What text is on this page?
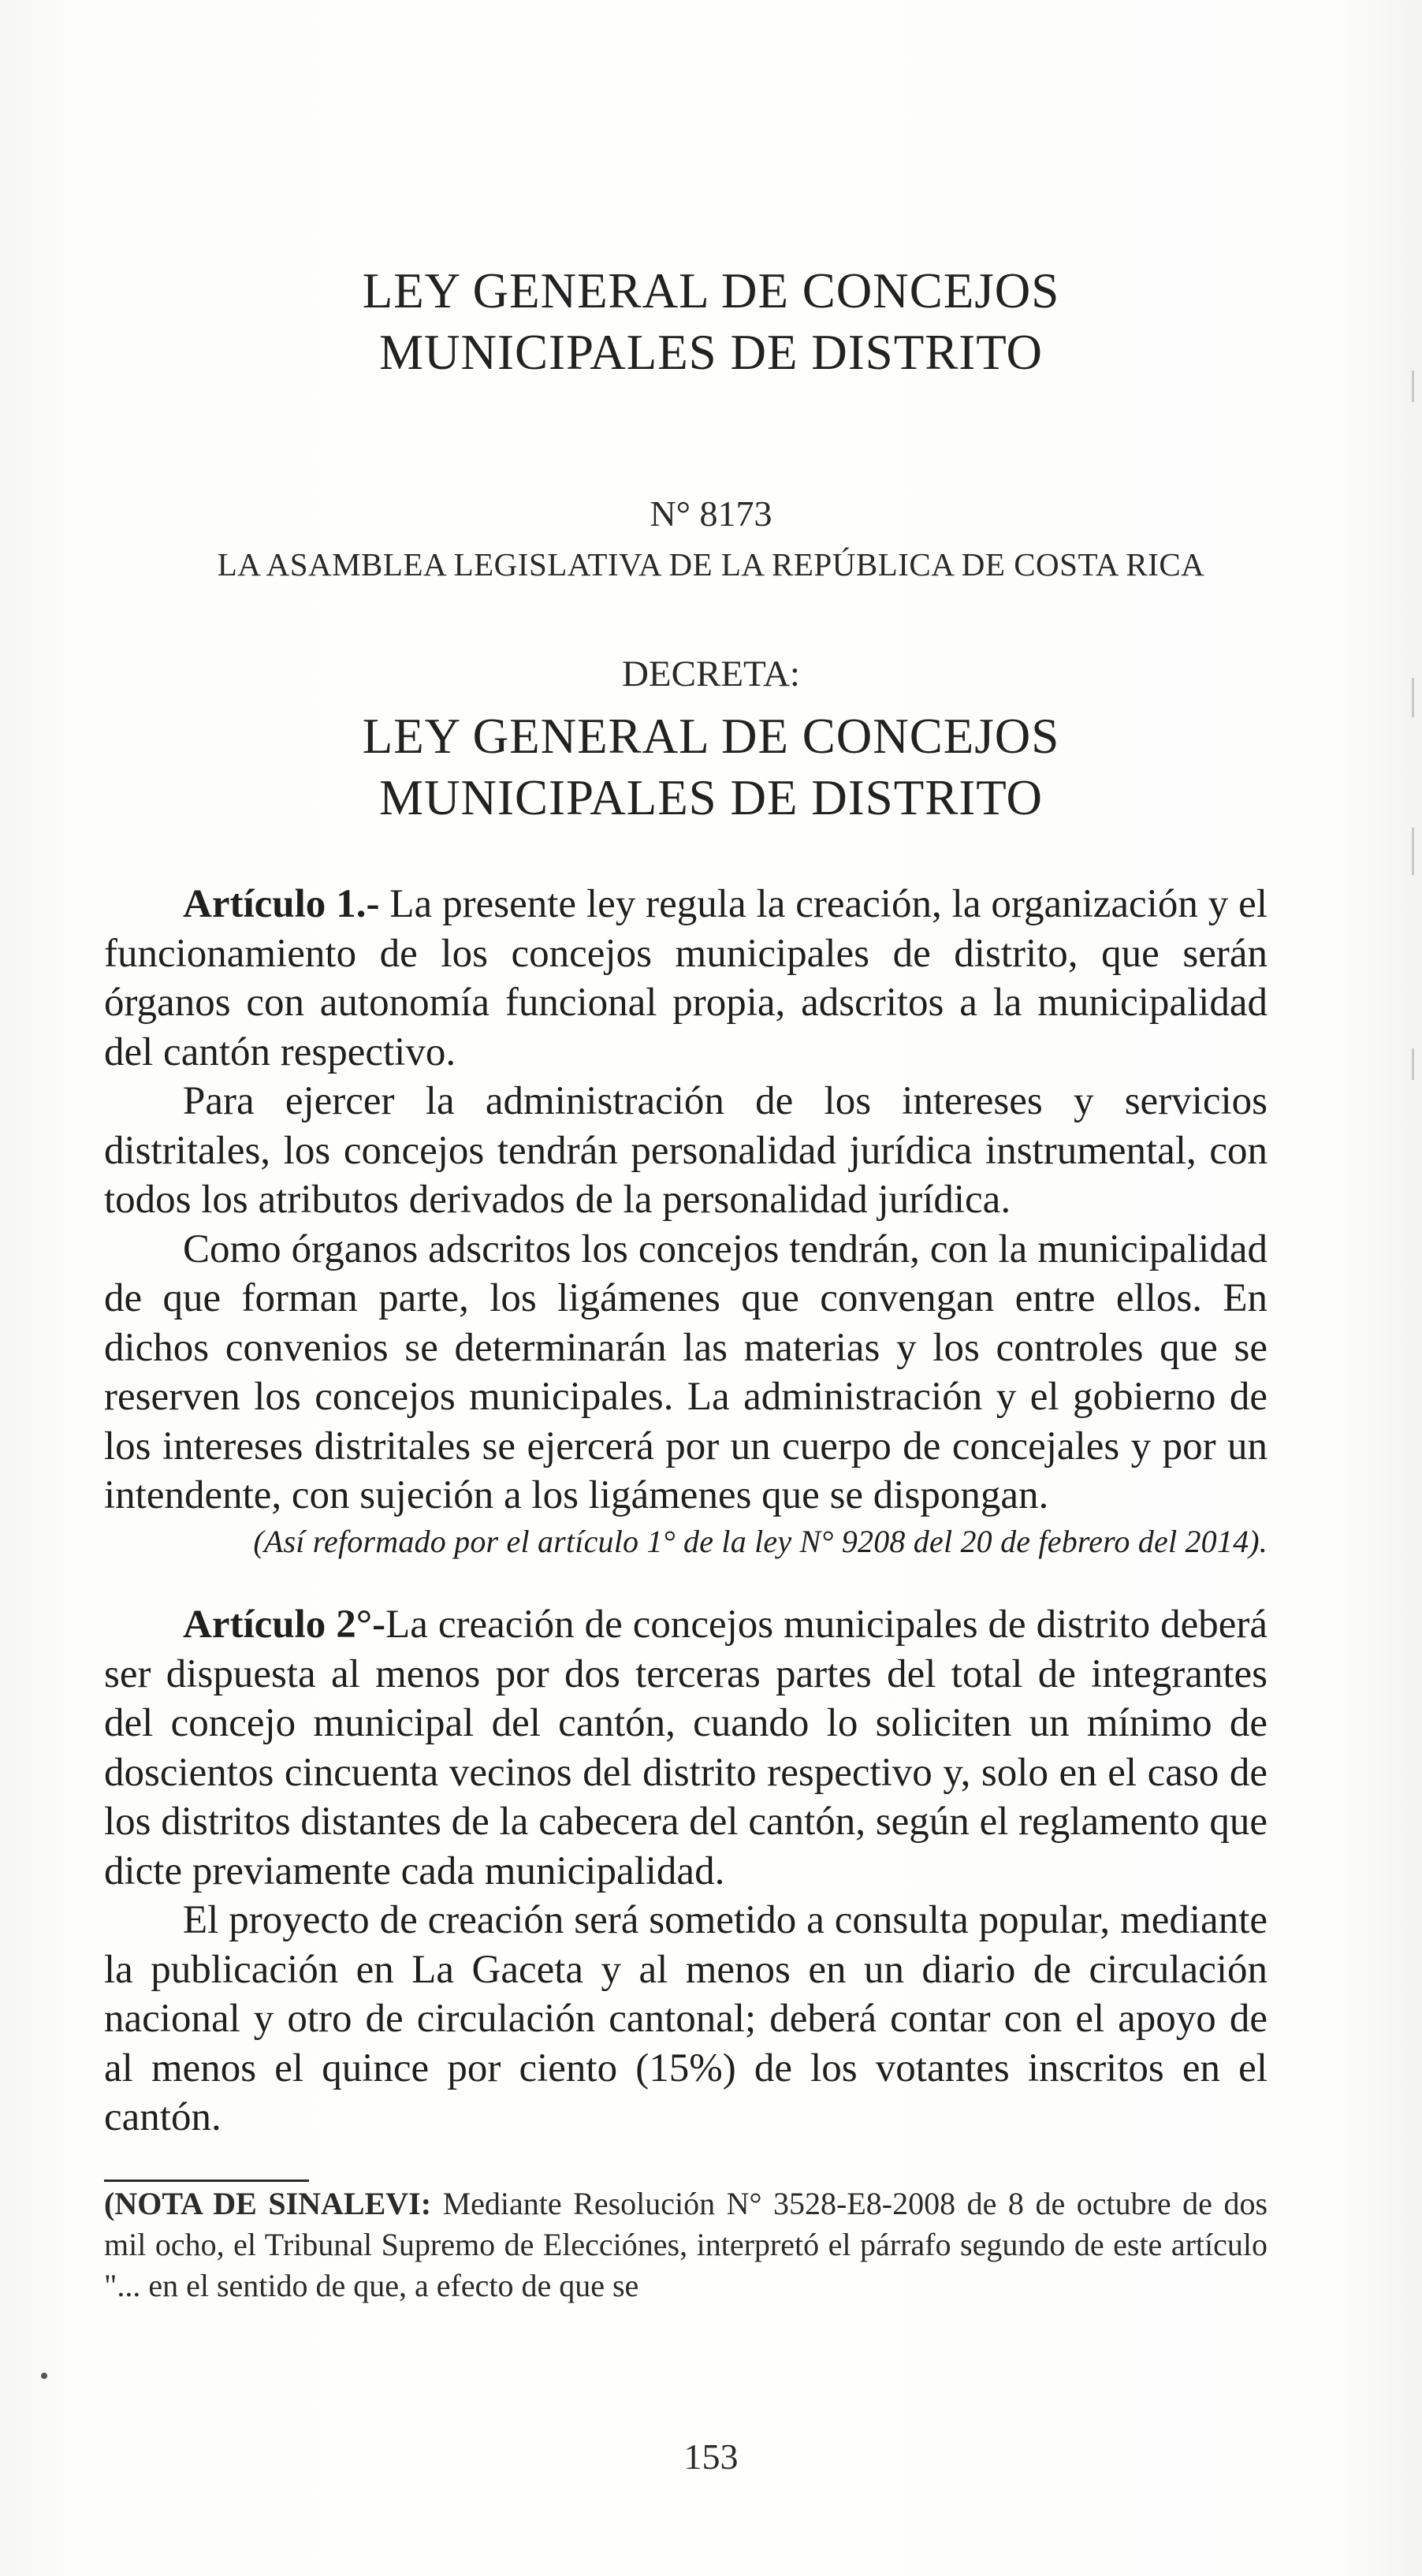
LEY GENERAL DE CONCEJOS
MUNICIPALES DE DISTRITO
N° 8173
LA ASAMBLEA LEGISLATIVA DE LA REPÚBLICA DE COSTA RICA
DECRETA:
LEY GENERAL DE CONCEJOS
MUNICIPALES DE DISTRITO

Artículo 1.- La presente ley regula la creación, la organización y el funcionamiento de los concejos municipales de distrito, que serán órganos con autonomía funcional propia, adscritos a la municipalidad del cantón respectivo.

Para ejercer la administración de los intereses y servicios distritales, los concejos tendrán personalidad jurídica instrumental, con todos los atributos derivados de la personalidad jurídica.

Como órganos adscritos los concejos tendrán, con la municipalidad de que forman parte, los ligámenes que convengan entre ellos. En dichos convenios se determinarán las materias y los controles que se reserven los concejos municipales. La administración y el gobierno de los intereses distritales se ejercerá por un cuerpo de concejales y por un intendente, con sujeción a los ligámenes que se dispongan.

(Así reformado por el artículo 1° de la ley N° 9208 del 20 de febrero del 2014).

Artículo 2°-La creación de concejos municipales de distrito deberá ser dispuesta al menos por dos terceras partes del total de integrantes del concejo municipal del cantón, cuando lo soliciten un mínimo de doscientos cincuenta vecinos del distrito respectivo y, solo en el caso de los distritos distantes de la cabecera del cantón, según el reglamento que dicte previamente cada municipalidad.

El proyecto de creación será sometido a consulta popular, mediante la publicación en La Gaceta y al menos en un diario de circulación nacional y otro de circulación cantonal; deberá contar con el apoyo de al menos el quince por ciento (15%) de los votantes inscritos en el cantón.

(NOTA DE SINALEVI: Mediante Resolución N° 3528-E8-2008 de 8 de octubre de dos mil ocho, el Tribunal Supremo de Elecciónes, interpretó el párrafo segundo de este artículo "... en el sentido de que, a efecto de que se
153
